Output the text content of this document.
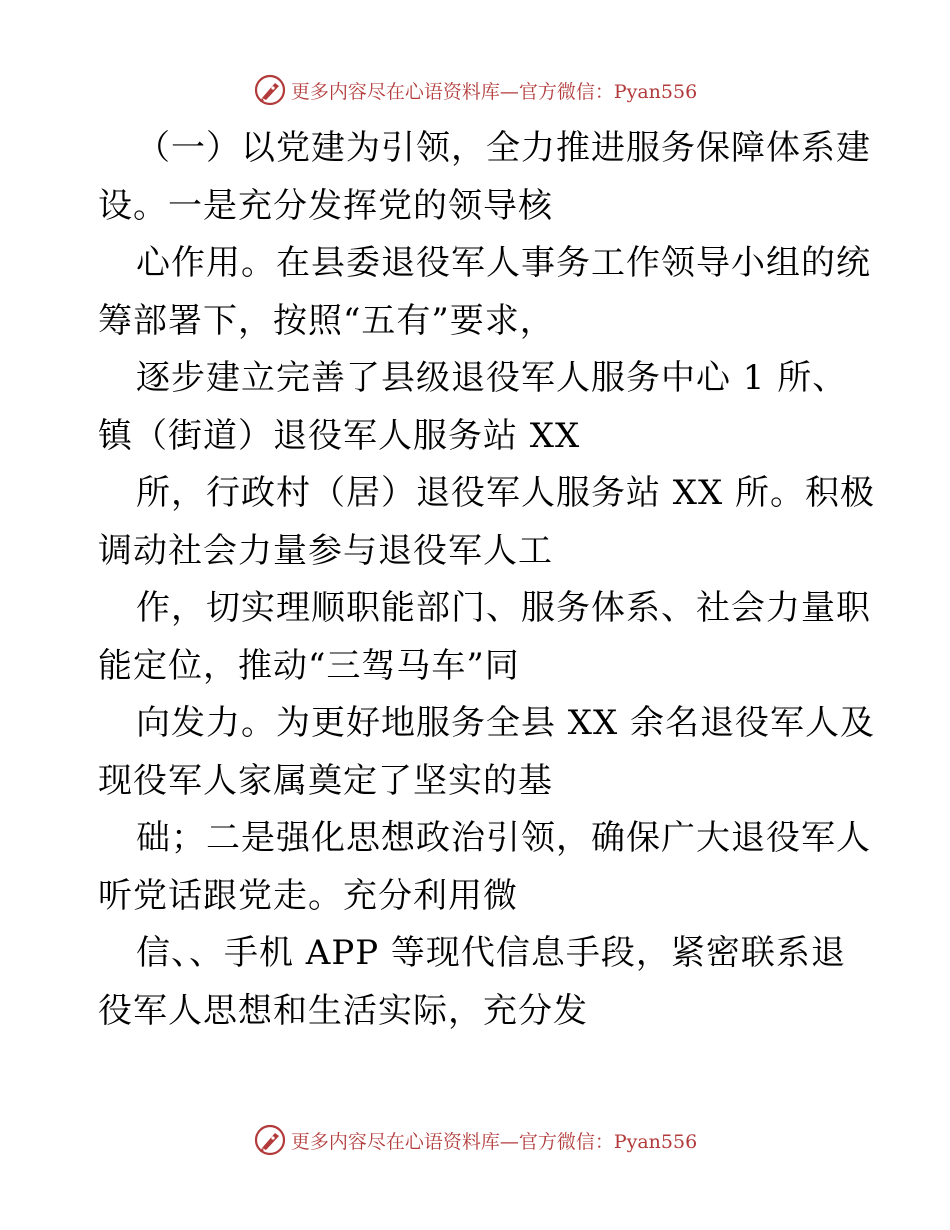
更多内容尽在心语资料库—官方微信：Pyan556
（一）以党建为引领，全力推进服务保障体系建
设。一是充分发挥党的领导核
心作用。在县委退役军人事务工作领导小组的统
筹部署下，按照“五有”要求，
逐步建立完善了县级退役军人服务中心 1 所、
镇（街道）退役军人服务站 XX
所，行政村（居）退役军人服务站 XX 所。积极
调动社会力量参与退役军人工
作，切实理顺职能部门、服务体系、社会力量职
能定位，推动“三驾马车”同
向发力。为更好地服务全县 XX 余名退役军人及
现役军人家属奠定了坚实的基
础；二是强化思想政治引领，确保广大退役军人
听党话跟党走。充分利用微
信、、手机 APP 等现代信息手段，紧密联系退
役军人思想和生活实际，充分发
更多内容尽在心语资料库—官方微信：Pyan556
